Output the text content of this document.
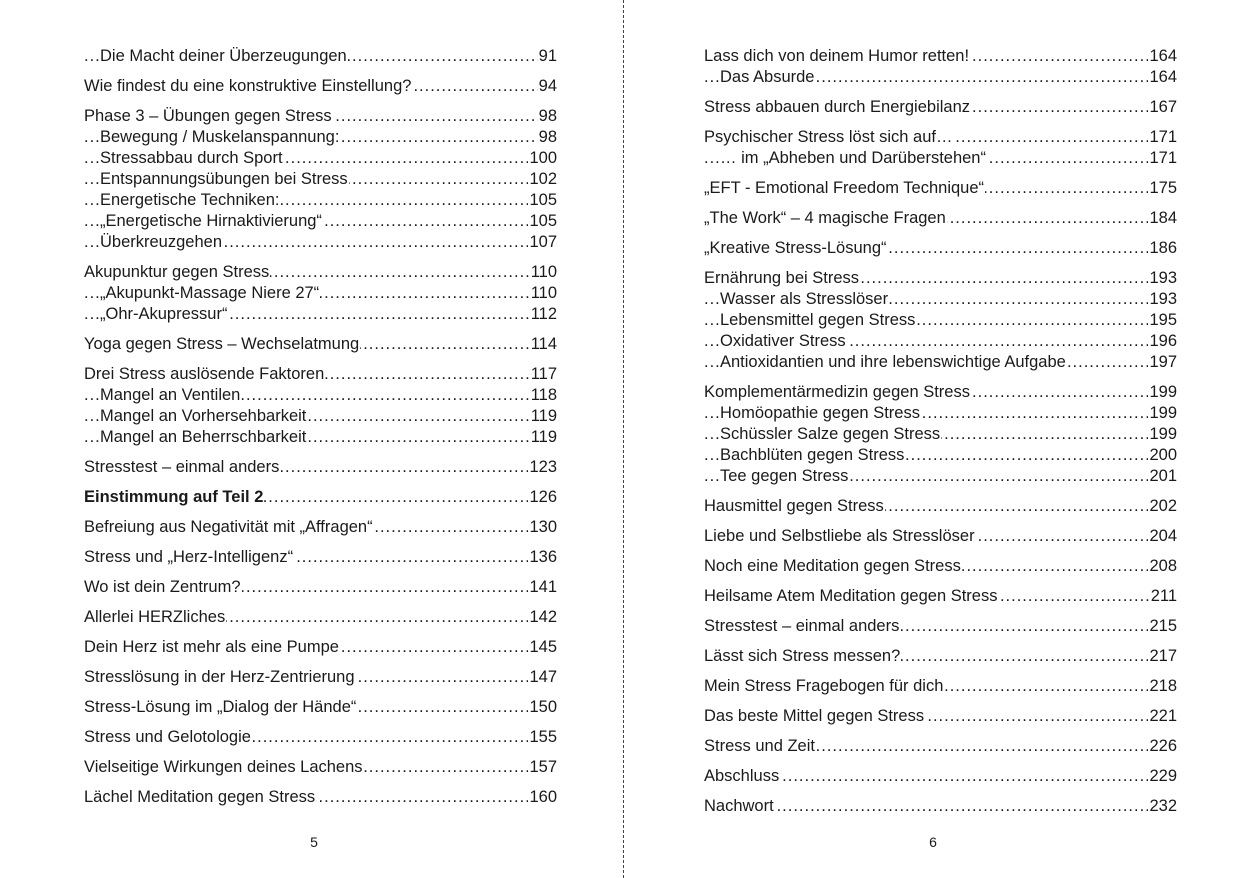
..... Die Macht deiner Überzeugungen	91
..... Wie findest du eine konstruktive Einstellung?	94
..... Phase 3 – Übungen gegen Stress	98
..... Bewegung / Muskelanspannung:	98
..... Stressabbau durch Sport	100
..... Entspannungsübungen bei Stress	102
..... Energetische Techniken:	105
..... „Energetische Hirnaktivierung“	105
..... Überkreuzgehen	107
..... Akupunktur gegen Stress	110
..... „Akupunkt-Massage Niere 27“	110
..... „Ohr-Akupressur“	112
..... Yoga gegen Stress – Wechselatmung	114
..... Drei Stress auslösende Faktoren	117
..... Mangel an Ventilen	118
..... Mangel an Vorhersehbarkeit	119
..... Mangel an Beherrschbarkeit	119
..... Stresstest – einmal anders	123
..... Einstimmung auf Teil 2	126
..... Befreiung aus Negativität mit „Affragen“	130
..... Stress und „Herz-Intelligenz“	136
..... Wo ist dein Zentrum?	141
..... Allerlei HERZliches	142
..... Dein Herz ist mehr als eine Pumpe	145
..... Stresslösung in der Herz-Zentrierung	147
..... Stress-Lösung im „Dialog der Hände“	150
..... Stress und Gelotologie	155
..... Vielseitige Wirkungen deines Lachens	157
..... Lächel Meditation gegen Stress	160
5
..... Lass dich von deinem Humor retten!	164
..... Das Absurde	164
..... Stress abbauen durch Energiebilanz	167
..... Psychischer Stress löst sich auf…	171
..... … im „Abheben und Darüberstehen“	171
..... „EFT - Emotional Freedom Technique“	175
..... „The Work“ – 4 magische Fragen	184
..... „Kreative Stress-Lösung“	186
..... Ernährung bei Stress	193
..... Wasser als Stresslöser	193
..... Lebensmittel gegen Stress	195
..... Oxidativer Stress	196
..... Antioxidantien und ihre lebenswichtige Aufgabe	197
..... Komplementärmedizin gegen Stress	199
..... Homöopathie gegen Stress	199
..... Schüssler Salze gegen Stress	199
..... Bachblüten gegen Stress	200
..... Tee gegen Stress	201
..... Hausmittel gegen Stress	202
..... Liebe und Selbstliebe als Stresslöser	204
..... Noch eine Meditation gegen Stress	208
..... Heilsame Atem Meditation gegen Stress	211
..... Stresstest – einmal anders	215
..... Lässt sich Stress messen?	217
..... Mein Stress Fragebogen für dich	218
..... Das beste Mittel gegen Stress	221
..... Stress und Zeit	226
..... Abschluss	229
..... Nachwort	232
6
